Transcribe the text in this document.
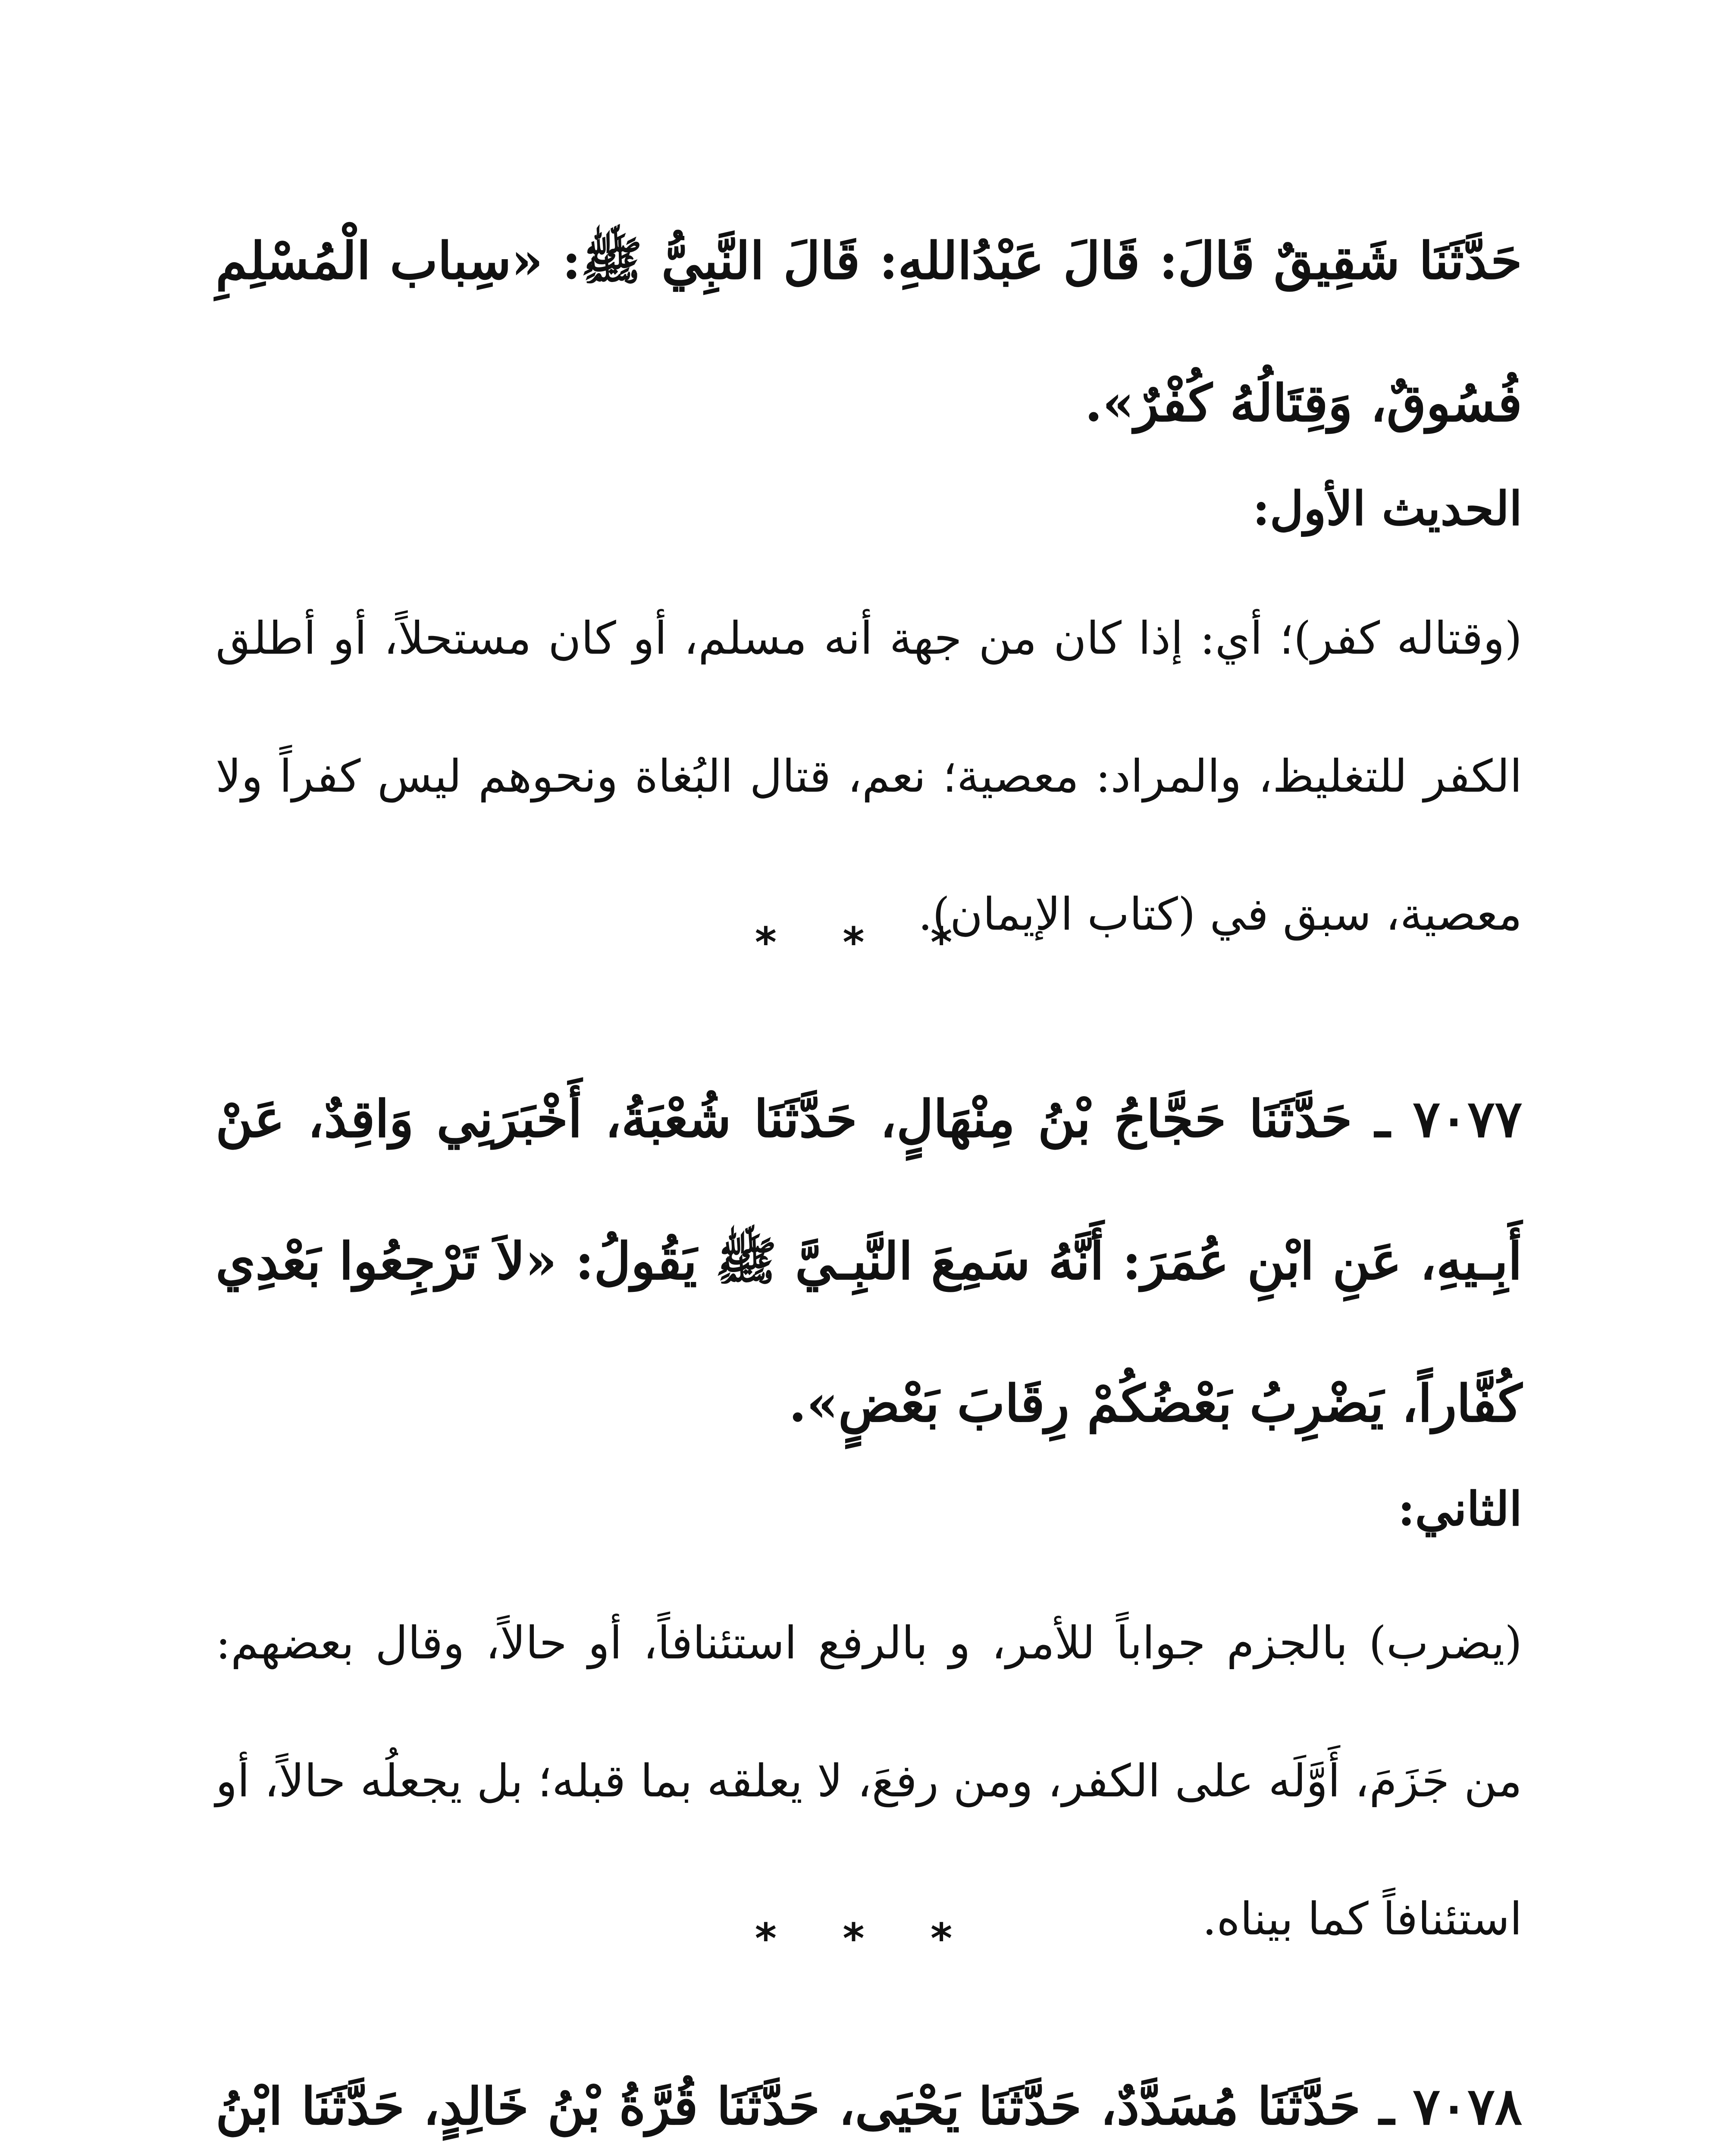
حَدَّثَنَا شَقِيقٌ قَالَ: قَالَ عَبْدُاللهِ: قَالَ النَّبِيُّ ﷺ: «سِباب الْمُسْلِمِ فُسُوقٌ، وَقِتَالُهُ كُفْرٌ».
الحديث الأول:
(وقتاله كفر)؛ أي: إذا كان من جهة أنه مسلم، أو كان مستحلاً، أو أطلق الكفر للتغليظ، والمراد: معصية؛ نعم، قتال البُغاة ونحوهم ليس كفراً ولا معصية، سبق في (كتاب الإيمان).
* * *
٧٠٧٧ ـ حَدَّثَنَا حَجَّاجُ بْنُ مِنْهَالٍ، حَدَّثَنَا شُعْبَةُ، أَخْبَرَنِي وَاقِدٌ، عَنْ أَبِـيهِ، عَنِ ابْنِ عُمَرَ: أَنَّهُ سَمِعَ النَّبِـيَّ ﷺ يَقُولُ: «لاَ تَرْجِعُوا بَعْدِي كُفَّاراً، يَضْرِبُ بَعْضُكُمْ رِقَابَ بَعْضٍ».
الثاني:
(يضرب) بالجزم جواباً للأمر، و بالرفع استئنافاً، أو حالاً، وقال بعضهم: من جَزَمَ، أَوَّلَه على الكفر، ومن رفعَ، لا يعلقه بما قبله؛ بل يجعلُه حالاً، أو استئنافاً كما بيناه.
* * *
٧٠٧٨ ـ حَدَّثَنَا مُسَدَّدٌ، حَدَّثَنَا يَحْيَى، حَدَّثَنَا قُرَّةُ بْنُ خَالِدٍ، حَدَّثَنَا ابْنُ
